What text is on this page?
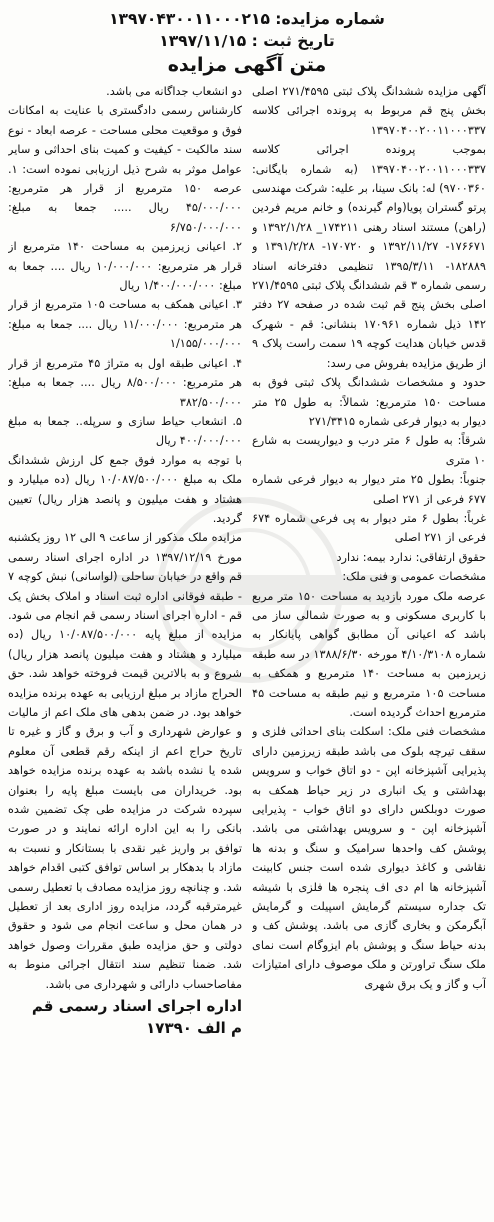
شماره مزایده: ۱۳۹۷۰۴۳۰۰۱۱۰۰۰۲۱۵
تاریخ ثبت : ۱۳۹۷/۱۱/۱۵
متن آگهی مزایده
آگهی مزایده ششدانگ پلاک ثبتی ۲۷۱/۴۵۹۵ اصلی بخش پنج قم مربوط به پرونده اجرائی کلاسه ۱۳۹۷۰۴۰۰۲۰۰۱۱۰۰۰۳۳۷
بموجب پرونده اجرائی کلاسه ۱۳۹۷۰۴۰۰۲۰۰۱۱۰۰۰۳۳۷ (به شماره بایگانی: ۹۷۰۰۳۶۰) له: بانک سینا، بر علیه: شرکت مهندسی پرتو گستران پویا(وام گیرنده) و خانم مریم فردین (راهن) مستند اسناد رهنی ۱۷۴۲۱۱_ ۱۳۹۲/۱/۲۸ و ۱۷۶۶۷۱- ۱۳۹۲/۱۱/۲۷ و ۱۷۰۷۲۰- ۱۳۹۱/۲/۲۸ و ۱۸۲۸۸۹- ۱۳۹۵/۳/۱۱ تنظیمی دفترخانه اسناد رسمی شماره ۳ قم ششدانگ پلاک ثبتی ۲۷۱/۴۵۹۵ اصلی بخش پنج قم ثبت شده در صفحه ۲۷ دفتر ۱۴۲ ذیل شماره ۱۷۰۹۶۱ بنشانی: قم - شهرک قدس خیابان هدایت کوچه ۱۹ سمت راست پلاک ۹ از طریق مزایده بفروش می رسد:
حدود و مشخصات ششدانگ پلاک ثبتی فوق به مساحت ۱۵۰ مترمربع: شمالاً: به طول ۲۵ متر دیوار به دیوار فرعی شماره ۲۷۱/۳۴۱۵
شرقاً: به طول ۶ متر درب و دیواریست به شارع ۱۰ متری
جنوباً: بطول ۲۵ متر دیوار به دیوار فرعی شماره ۶۷۷ فرعی از ۲۷۱ اصلی
غرباً: بطول ۶ متر دیوار به پی فرعی شماره ۶۷۴ فرعی از ۲۷۱ اصلی
حقوق ارتفاقی: ندارد بیمه: ندارد
مشخصات عمومی و فنی ملک:
عرصه ملک مورد بازدید به مساحت ۱۵۰ متر مربع با کاربری مسکونی و به صورت شمالی ساز می باشد که اعیانی آن مطابق گواهی پایانکار به شماره ۴/۱۰/۳۱۰۸ مورخه ۱۳۸۸/۶/۳۰ در سه طبقه زیرزمین به مساحت ۱۴۰ مترمربع و همکف به مساحت ۱۰۵ مترمربع و نیم طبقه به مساحت ۴۵ مترمربع احداث گردیده است.
مشخصات فنی ملک: اسکلت بنای احداثی فلزی و سقف تیرچه بلوک می باشد طبقه زیرزمین دارای پذیرایی آشپزخانه اپن - دو اتاق خواب و سرویس بهداشتی و یک انباری در زیر حیاط همکف به صورت دوبلکس دارای دو اتاق خواب - پذیرایی آشپزخانه اپن - و سرویس بهداشتی می باشد. پوشش کف واحدها سرامیک و سنگ و بدنه ها نقاشی و کاغذ دیواری شده است جنس کابینت آشپزخانه ها ام دی اف پنجره ها فلزی با شیشه تک جداره سیستم گرمایش اسپیلت و گرمایش آبگرمکن و بخاری گازی می باشد. پوشش کف و بدنه حیاط سنگ و پوشش بام ایزوگام است نمای ملک سنگ تراورتن و ملک موصوف دارای امتیازات آب و گاز و یک برق شهری
دو انشعاب جداگانه می باشد.
کارشناس رسمی دادگستری با عنایت به امکانات فوق و موقعیت محلی مساحت - عرصه ابعاد - نوع سند مالکیت - کیفیت و کمیت بنای احداثی و سایر عوامل موثر به شرح ذیل ارزیابی نموده است: ۱. عرصه ۱۵۰ مترمربع از قرار هر مترمربع: ۴۵/۰۰۰/۰۰۰ ریال ..... جمعا به مبلغ: ۶/۷۵۰/۰۰۰/۰۰۰
۲. اعیانی زیرزمین به مساحت ۱۴۰ مترمربع از قرار هر مترمربع: ۱۰/۰۰۰/۰۰۰ ریال .... جمعا به مبلغ: ۱/۴۰۰/۰۰۰/۰۰۰ ریال
۳. اعیانی همکف به مساحت ۱۰۵ مترمربع از قرار هر مترمربع: ۱۱/۰۰۰/۰۰۰ ریال .... جمعا به مبلغ: ۱/۱۵۵/۰۰۰/۰۰۰
۴. اعیانی طبقه اول به متراژ ۴۵ مترمربع از قرار هر مترمربع: ۸/۵۰۰/۰۰۰ ریال .... جمعا به مبلغ: ۳۸۲/۵۰۰/۰۰۰
۵. انشعاب حیاط سازی و سرپله.. جمعا به مبلغ ۴۰۰/۰۰۰/۰۰۰ ریال
با توجه به موارد فوق جمع کل ارزش ششدانگ ملک به مبلغ ۱۰/۰۸۷/۵۰۰/۰۰۰ ریال (ده میلیارد و هشتاد و هفت میلیون و پانصد هزار ریال) تعیین گردید.
مزایده ملک مذکور از ساعت ۹ الی ۱۲ روز یکشنبه مورخ ۱۳۹۷/۱۲/۱۹ در اداره اجرای اسناد رسمی قم واقع در خیابان ساحلی (لواسانی) نبش کوچه ۷ - طبقه فوقانی اداره ثبت اسناد و املاک بخش یک قم - اداره اجرای اسناد رسمی قم انجام می شود. مزایده از مبلغ پایه ۱۰/۰۸۷/۵۰۰/۰۰۰ ریال (ده میلیارد و هشتاد و هفت میلیون پانصد هزار ریال) شروع و به بالاترین قیمت فروخته خواهد شد. حق الحراج مازاد بر مبلغ ارزیابی به عهده برنده مزایده خواهد بود. در ضمن بدهی های ملک اعم از مالیات و عوارض شهرداری و آب و برق و گاز و غیره تا تاریخ حراج اعم از اینکه رقم قطعی آن معلوم شده یا نشده باشد به عهده برنده مزایده خواهد بود. خریداران می بایست مبلغ پایه را بعنوان سپرده شرکت در مزایده طی چک تضمین شده بانکی را به این اداره ارائه نمایند و در صورت توافق بر واریز غیر نقدی با بستانکار و نسبت به مازاد با بدهکار بر اساس توافق کتبی اقدام خواهد شد. و چنانچه روز مزایده مصادف با تعطیل رسمی غیرمترقبه گردد، مزایده روز اداری بعد از تعطیل در همان محل و ساعت انجام می شود و حقوق دولتی و حق مزایده طبق مقررات وصول خواهد شد. ضمنا تنظیم سند انتقال اجرائی منوط به مفاصاحساب دارائی و شهرداری می باشد.
اداره اجرای اسناد رسمی قم
م الف ۱۷۳۹۰
